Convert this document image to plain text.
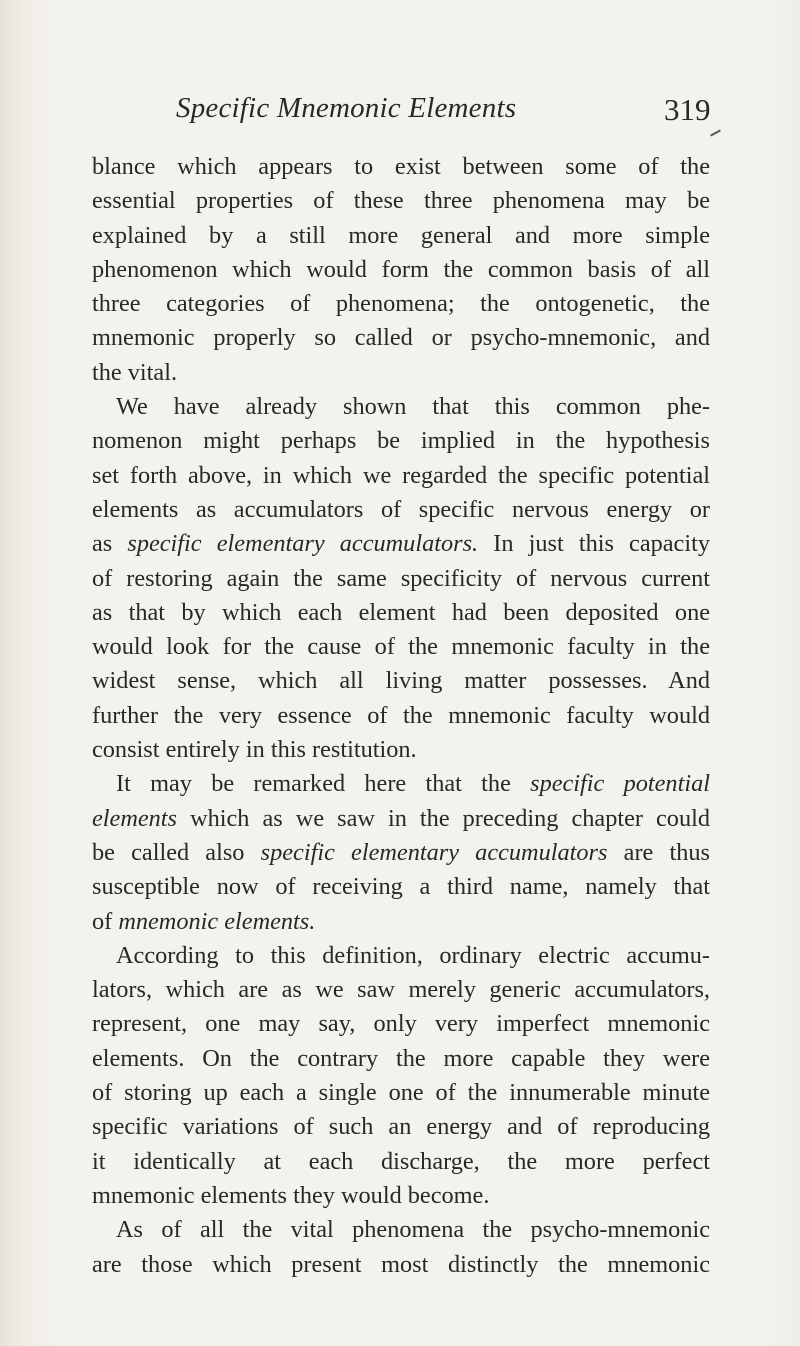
Specific Mnemonic Elements	319
blance which appears to exist between some of the
essential properties of these three phenomena may be
explained by a still more general and more simple
phenomenon which would form the common basis of all
three categories of phenomena; the ontogenetic, the
mnemonic properly so called or psycho-mnemonic, and
the vital.
We have already shown that this common phe-
nomenon might perhaps be implied in the hypothesis
set forth above, in which we regarded the specific potential
elements as accumulators of specific nervous energy or
as specific elementary accumulators. In just this capacity
of restoring again the same specificity of nervous current
as that by which each element had been deposited one
would look for the cause of the mnemonic faculty in the
widest sense, which all living matter possesses. And
further the very essence of the mnemonic faculty would
consist entirely in this restitution.
It may be remarked here that the specific potential
elements which as we saw in the preceding chapter could
be called also specific elementary accumulators are thus
susceptible now of receiving a third name, namely that
of mnemonic elements.
According to this definition, ordinary electric accumu-
lators, which are as we saw merely generic accumulators,
represent, one may say, only very imperfect mnemonic
elements. On the contrary the more capable they were
of storing up each a single one of the innumerable minute
specific variations of such an energy and of reproducing
it identically at each discharge, the more perfect
mnemonic elements they would become.
As of all the vital phenomena the psycho-mnemonic
are those which present most distinctly the mnemonic
